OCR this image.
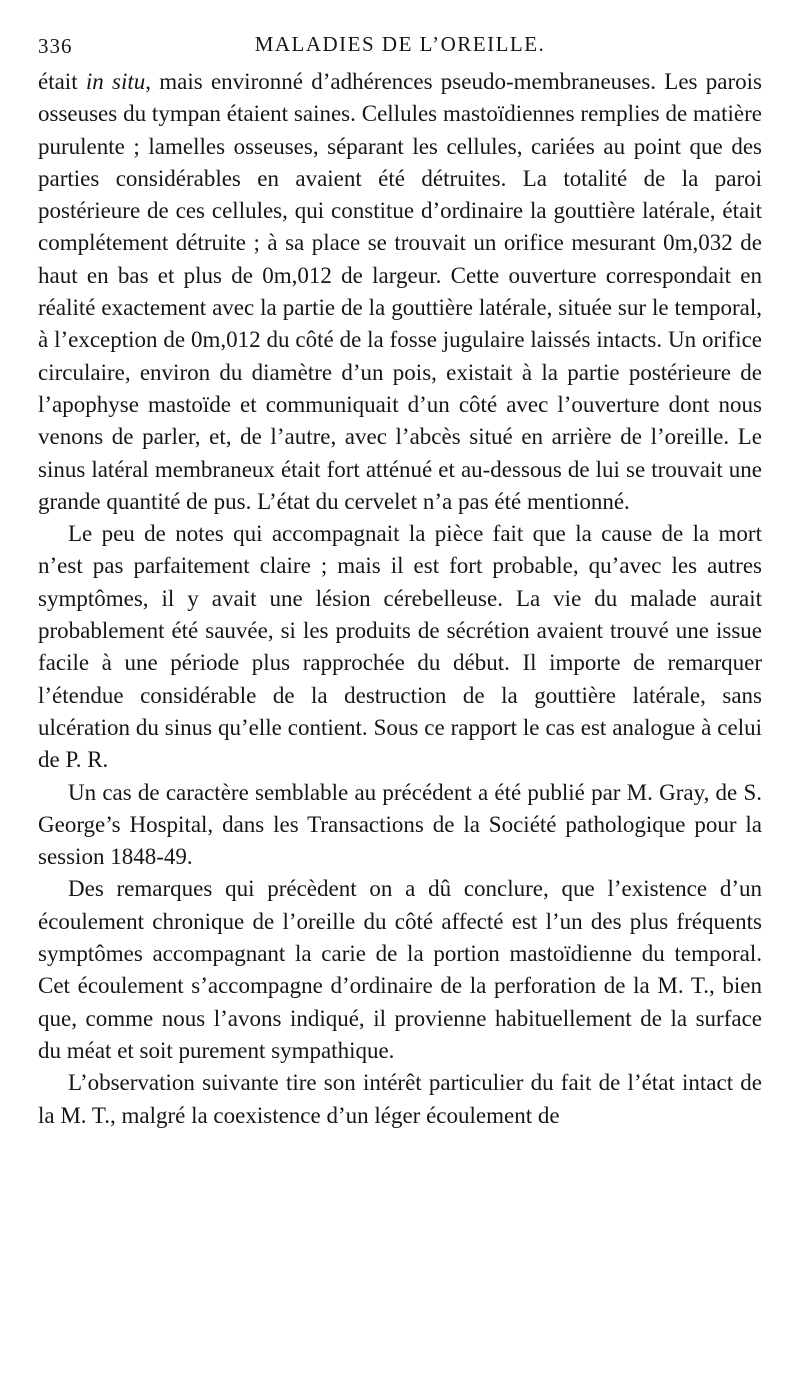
336	MALADIES DE L’OREILLE.

était in situ, mais environné d’adhérences pseudo-membraneuses. Les parois osseuses du tympan étaient saines. Cellules mastoïdiennes remplies de matière purulente ; lamelles osseuses, séparant les cellules, cariées au point que des parties considérables en avaient été détruites. La totalité de la paroi postérieure de ces cellules, qui constitue d’ordinaire la gouttière latérale, était complétement détruite ; à sa place se trouvait un orifice mesurant 0m,032 de haut en bas et plus de 0m,012 de largeur. Cette ouverture correspondait en réalité exactement avec la partie de la gouttière latérale, située sur le temporal, à l’exception de 0m,012 du côté de la fosse jugulaire laissés intacts. Un orifice circulaire, environ du diamètre d’un pois, existait à la partie postérieure de l’apophyse mastoïde et communiquait d’un côté avec l’ouverture dont nous venons de parler, et, de l’autre, avec l’abcès situé en arrière de l’oreille. Le sinus latéral membraneux était fort atténué et au-dessous de lui se trouvait une grande quantité de pus. L’état du cervelet n’a pas été mentionné.

Le peu de notes qui accompagnait la pièce fait que la cause de la mort n’est pas parfaitement claire ; mais il est fort probable, qu’avec les autres symptômes, il y avait une lésion cérebelleuse. La vie du malade aurait probablement été sauvée, si les produits de sécrétion avaient trouvé une issue facile à une période plus rapprochée du début. Il importe de remarquer l’étendue considérable de la destruction de la gouttière latérale, sans ulcération du sinus qu’elle contient. Sous ce rapport le cas est analogue à celui de P. R.

Un cas de caractère semblable au précédent a été publié par M. Gray, de S. George’s Hospital, dans les Transactions de la Société pathologique pour la session 1848-49.

Des remarques qui précèdent on a dû conclure, que l’existence d’un écoulement chronique de l’oreille du côté affecté est l’un des plus fréquents symptômes accompagnant la carie de la portion mastoïdienne du temporal. Cet écoulement s’accompagne d’ordinaire de la perforation de la M. T., bien que, comme nous l’avons indiqué, il provienne habituellement de la surface du méat et soit purement sympathique.

L’observation suivante tire son intérêt particulier du fait de l’état intact de la M. T., malgré la coexistence d’un léger écoulement de
